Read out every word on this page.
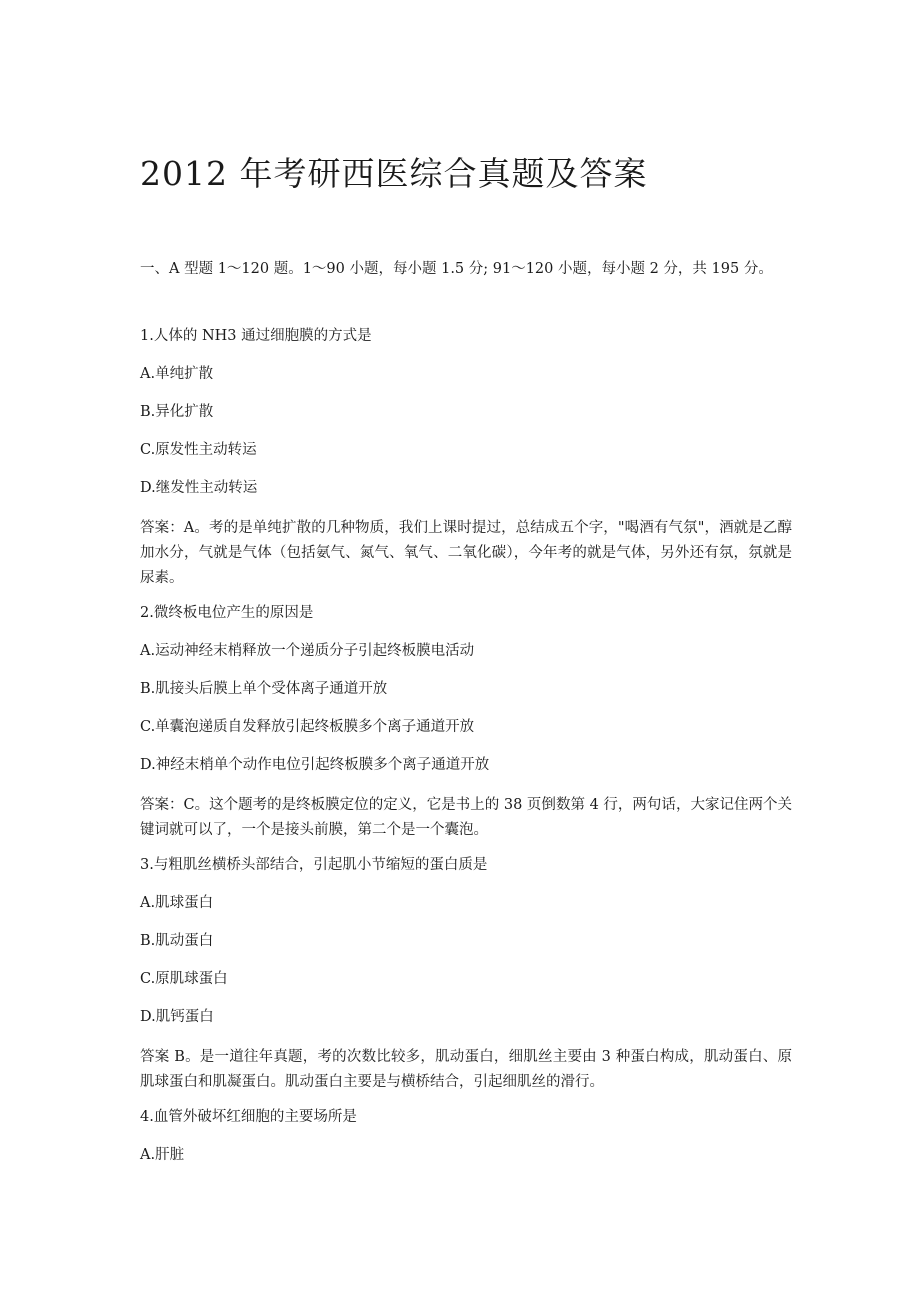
2012 年考研西医综合真题及答案

一、A 型题 1～120 题。1～90 小题，每小题 1.5 分; 91～120 小题，每小题 2 分，共 195 分。

1.人体的 NH3 通过细胞膜的方式是

A.单纯扩散

B.异化扩散

C.原发性主动转运

D.继发性主动转运

答案：A。考的是单纯扩散的几种物质，我们上课时提过，总结成五个字，"喝酒有气氛"，酒就是乙醇加水分，气就是气体（包括氨气、氮气、氧气、二氧化碳），今年考的就是气体，另外还有氛，氛就是尿素。

2.微终板电位产生的原因是

A.运动神经末梢释放一个递质分子引起终板膜电活动

B.肌接头后膜上单个受体离子通道开放

C.单囊泡递质自发释放引起终板膜多个离子通道开放

D.神经末梢单个动作电位引起终板膜多个离子通道开放

答案：C。这个题考的是终板膜定位的定义，它是书上的 38 页倒数第 4 行，两句话，大家记住两个关键词就可以了，一个是接头前膜，第二个是一个囊泡。

3.与粗肌丝横桥头部结合，引起肌小节缩短的蛋白质是

A.肌球蛋白

B.肌动蛋白

C.原肌球蛋白

D.肌钙蛋白

答案 B。是一道往年真题，考的次数比较多，肌动蛋白，细肌丝主要由 3 种蛋白构成，肌动蛋白、原肌球蛋白和肌凝蛋白。肌动蛋白主要是与横桥结合，引起细肌丝的滑行。

4.血管外破坏红细胞的主要场所是

A.肝脏
